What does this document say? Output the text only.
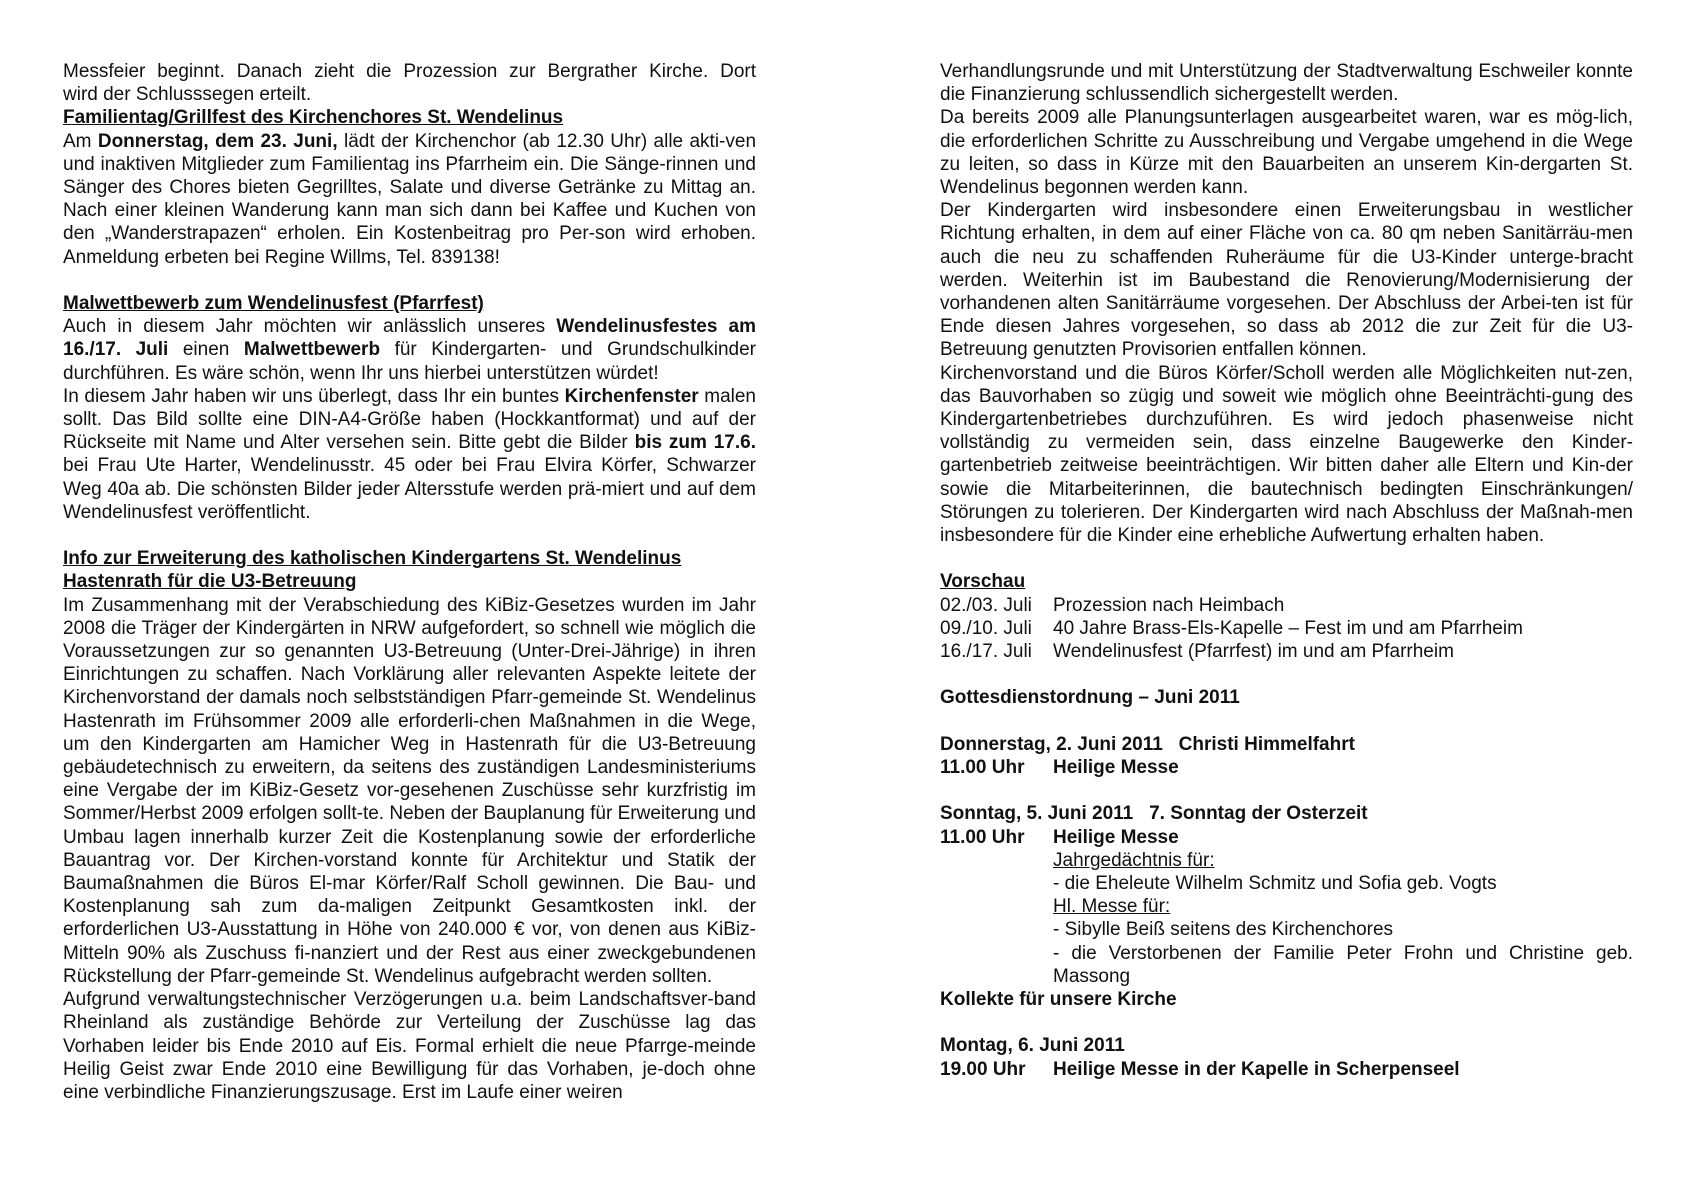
Messfeier beginnt. Danach zieht die Prozession zur Bergrather Kirche. Dort
wird der Schlusssegen erteilt.
Familientag/Grillfest des Kirchenchores St. Wendelinus
Am Donnerstag, dem 23. Juni, lädt der Kirchenchor (ab 12.30 Uhr) alle akti-ven und inaktiven Mitglieder zum Familientag ins Pfarrheim ein. Die Sänge-rinnen und Sänger des Chores bieten Gegrilltes, Salate und diverse Getränke zu Mittag an. Nach einer kleinen Wanderung kann man sich dann bei Kaffee und Kuchen von den „Wanderstrapazen“ erholen. Ein Kostenbeitrag pro Per-son wird erhoben. Anmeldung erbeten bei Regine Willms, Tel. 839138!
Malwettbewerb zum Wendelinusfest (Pfarrfest)
Auch in diesem Jahr möchten wir anlässlich unseres Wendelinusfestes am 16./17. Juli einen Malwettbewerb für Kindergarten- und Grundschulkinder durchführen. Es wäre schön, wenn Ihr uns hierbei unterstützen würdet!
In diesem Jahr haben wir uns überlegt, dass Ihr ein buntes Kirchenfenster malen sollt. Das Bild sollte eine DIN-A4-Größe haben (Hockkantformat) und auf der Rückseite mit Name und Alter versehen sein. Bitte gebt die Bilder bis zum 17.6. bei Frau Ute Harter, Wendelinusstr. 45 oder bei Frau Elvira Körfer, Schwarzer Weg 40a ab. Die schönsten Bilder jeder Altersstufe werden prä-miert und auf dem Wendelinusfest veröffentlicht.
Info zur Erweiterung des katholischen Kindergartens St. Wendelinus
Hastenrath für die U3-Betreuung
Im Zusammenhang mit der Verabschiedung des KiBiz-Gesetzes wurden im Jahr 2008 die Träger der Kindergärten in NRW aufgefordert, so schnell wie möglich die Voraussetzungen zur so genannten U3-Betreuung (Unter-Drei-Jährige) in ihren Einrichtungen zu schaffen. Nach Vorklärung aller relevanten Aspekte leitete der Kirchenvorstand der damals noch selbstständigen Pfarr-gemeinde St. Wendelinus Hastenrath im Frühsommer 2009 alle erforderli-chen Maßnahmen in die Wege, um den Kindergarten am Hamicher Weg in Hastenrath für die U3-Betreuung gebäudetechnisch zu erweitern, da seitens des zuständigen Landesministeriums eine Vergabe der im KiBiz-Gesetz vor-gesehenen Zuschüsse sehr kurzfristig im Sommer/Herbst 2009 erfolgen sollt-te. Neben der Bauplanung für Erweiterung und Umbau lagen innerhalb kurzer Zeit die Kostenplanung sowie der erforderliche Bauantrag vor. Der Kirchen-vorstand konnte für Architektur und Statik der Baumaßnahmen die Büros El-mar Körfer/Ralf Scholl gewinnen. Die Bau- und Kostenplanung sah zum da-maligen Zeitpunkt Gesamtkosten inkl. der erforderlichen U3-Ausstattung in Höhe von 240.000 € vor, von denen aus KiBiz-Mitteln 90% als Zuschuss fi-nanziert und der Rest aus einer zweckgebundenen Rückstellung der Pfarr-gemeinde St. Wendelinus aufgebracht werden sollten.
Aufgrund verwaltungstechnischer Verzögerungen u.a. beim Landschaftsver-band Rheinland als zuständige Behörde zur Verteilung der Zuschüsse lag das Vorhaben leider bis Ende 2010 auf Eis. Formal erhielt die neue Pfarrge-meinde Heilig Geist zwar Ende 2010 eine Bewilligung für das Vorhaben, je-doch ohne eine verbindliche Finanzierungszusage. Erst im Laufe einer weiren
Verhandlungsrunde und mit Unterstützung der Stadtverwaltung Eschweiler konnte die Finanzierung schlussendlich sichergestellt werden.
Da bereits 2009 alle Planungsunterlagen ausgearbeitet waren, war es mög-lich, die erforderlichen Schritte zu Ausschreibung und Vergabe umgehend in die Wege zu leiten, so dass in Kürze mit den Bauarbeiten an unserem Kin-dergarten St. Wendelinus begonnen werden kann.
Der Kindergarten wird insbesondere einen Erweiterungsbau in westlicher Richtung erhalten, in dem auf einer Fläche von ca. 80 qm neben Sanitärräu-men auch die neu zu schaffenden Ruheräume für die U3-Kinder unterge-bracht werden. Weiterhin ist im Baubestand die Renovierung/Modernisierung der vorhandenen alten Sanitärräume vorgesehen. Der Abschluss der Arbei-ten ist für Ende diesen Jahres vorgesehen, so dass ab 2012 die zur Zeit für die U3-Betreuung genutzten Provisorien entfallen können.
Kirchenvorstand und die Büros Körfer/Scholl werden alle Möglichkeiten nut-zen, das Bauvorhaben so zügig und soweit wie möglich ohne Beeinträchti-gung des Kindergartenbetriebes durchzuführen. Es wird jedoch phasenweise nicht vollständig zu vermeiden sein, dass einzelne Baugewerke den Kinder-gartenbetrieb zeitweise beeinträchtigen. Wir bitten daher alle Eltern und Kin-der sowie die Mitarbeiterinnen, die bautechnisch bedingten Einschränkungen/ Störungen zu tolerieren. Der Kindergarten wird nach Abschluss der Maßnah-men insbesondere für die Kinder eine erhebliche Aufwertung erhalten haben.
Vorschau
02./03. Juli	Prozession nach Heimbach
09./10. Juli	40 Jahre Brass-Els-Kapelle – Fest im und am Pfarrheim
16./17. Juli	Wendelinusfest (Pfarrfest) im und am Pfarrheim
Gottesdienstordnung – Juni 2011
Donnerstag, 2. Juni 2011   Christi Himmelfahrt
11.00 Uhr	Heilige Messe
Sonntag, 5. Juni 2011   7. Sonntag der Osterzeit
11.00 Uhr	Heilige Messe
Jahrgedächtnis für:
- die Eheleute Wilhelm Schmitz und Sofia geb. Vogts
Hl. Messe für:
- Sibylle Beiß seitens des Kirchenchores
- die Verstorbenen der Familie Peter Frohn und Christine geb. Massong
Kollekte für unsere Kirche
Montag, 6. Juni 2011
19.00 Uhr	Heilige Messe in der Kapelle in Scherpenseel
